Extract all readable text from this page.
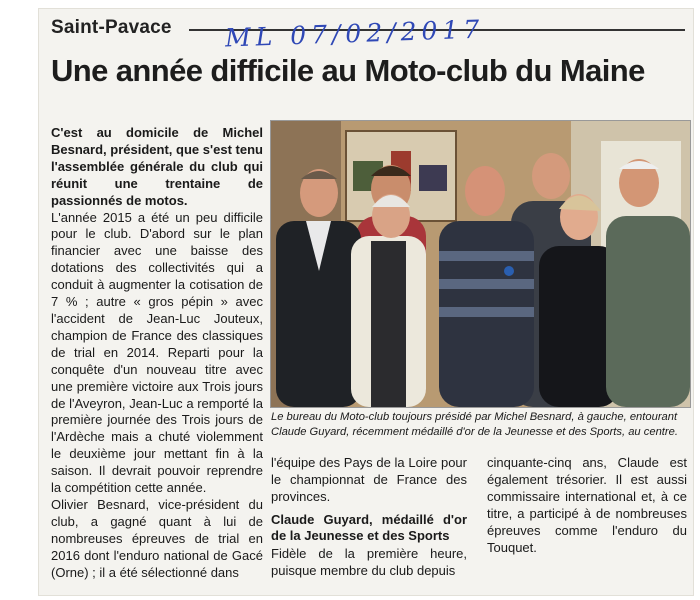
Saint-Pavace ML 07/02/2017
Une année difficile au Moto-club du Maine

C'est au domicile de Michel Besnard, président, que s'est tenu l'assemblée générale du club qui réunit une trentaine de passionnés de motos.

L'année 2015 a été un peu difficile pour le club. D'abord sur le plan financier avec une baisse des dotations des collectivités qui a conduit à augmenter la cotisation de 7 % ; autre « gros pépin » avec l'accident de Jean-Luc Jouteux, champion de France des classiques de trial en 2014. Reparti pour la conquête d'un nouveau titre avec une première victoire aux Trois jours de l'Aveyron, Jean-Luc a remporté la première journée des Trois jours de l'Ardèche mais a chuté violemment le deuxième jour mettant fin à la saison. Il devrait pouvoir reprendre la compétition cette année.

Olivier Besnard, vice-président du club, a gagné quant à lui de nombreuses épreuves de trial en 2016 dont l'enduro national de Gacé (Orne) ; il a été sélectionné dans

Le bureau du Moto-club toujours présidé par Michel Besnard, à gauche, entourant Claude Guyard, récemment médaillé d'or de la Jeunesse et des Sports, au centre.

l'équipe des Pays de la Loire pour le championnat de France des provinces.

Claude Guyard, médaillé d'or de la Jeunesse et des Sports

Fidèle de la première heure, puisque membre du club depuis

cinquante-cinq ans, Claude est également trésorier. Il est aussi commissaire international et, à ce titre, a participé à de nombreuses épreuves comme l'enduro du Touquet.
